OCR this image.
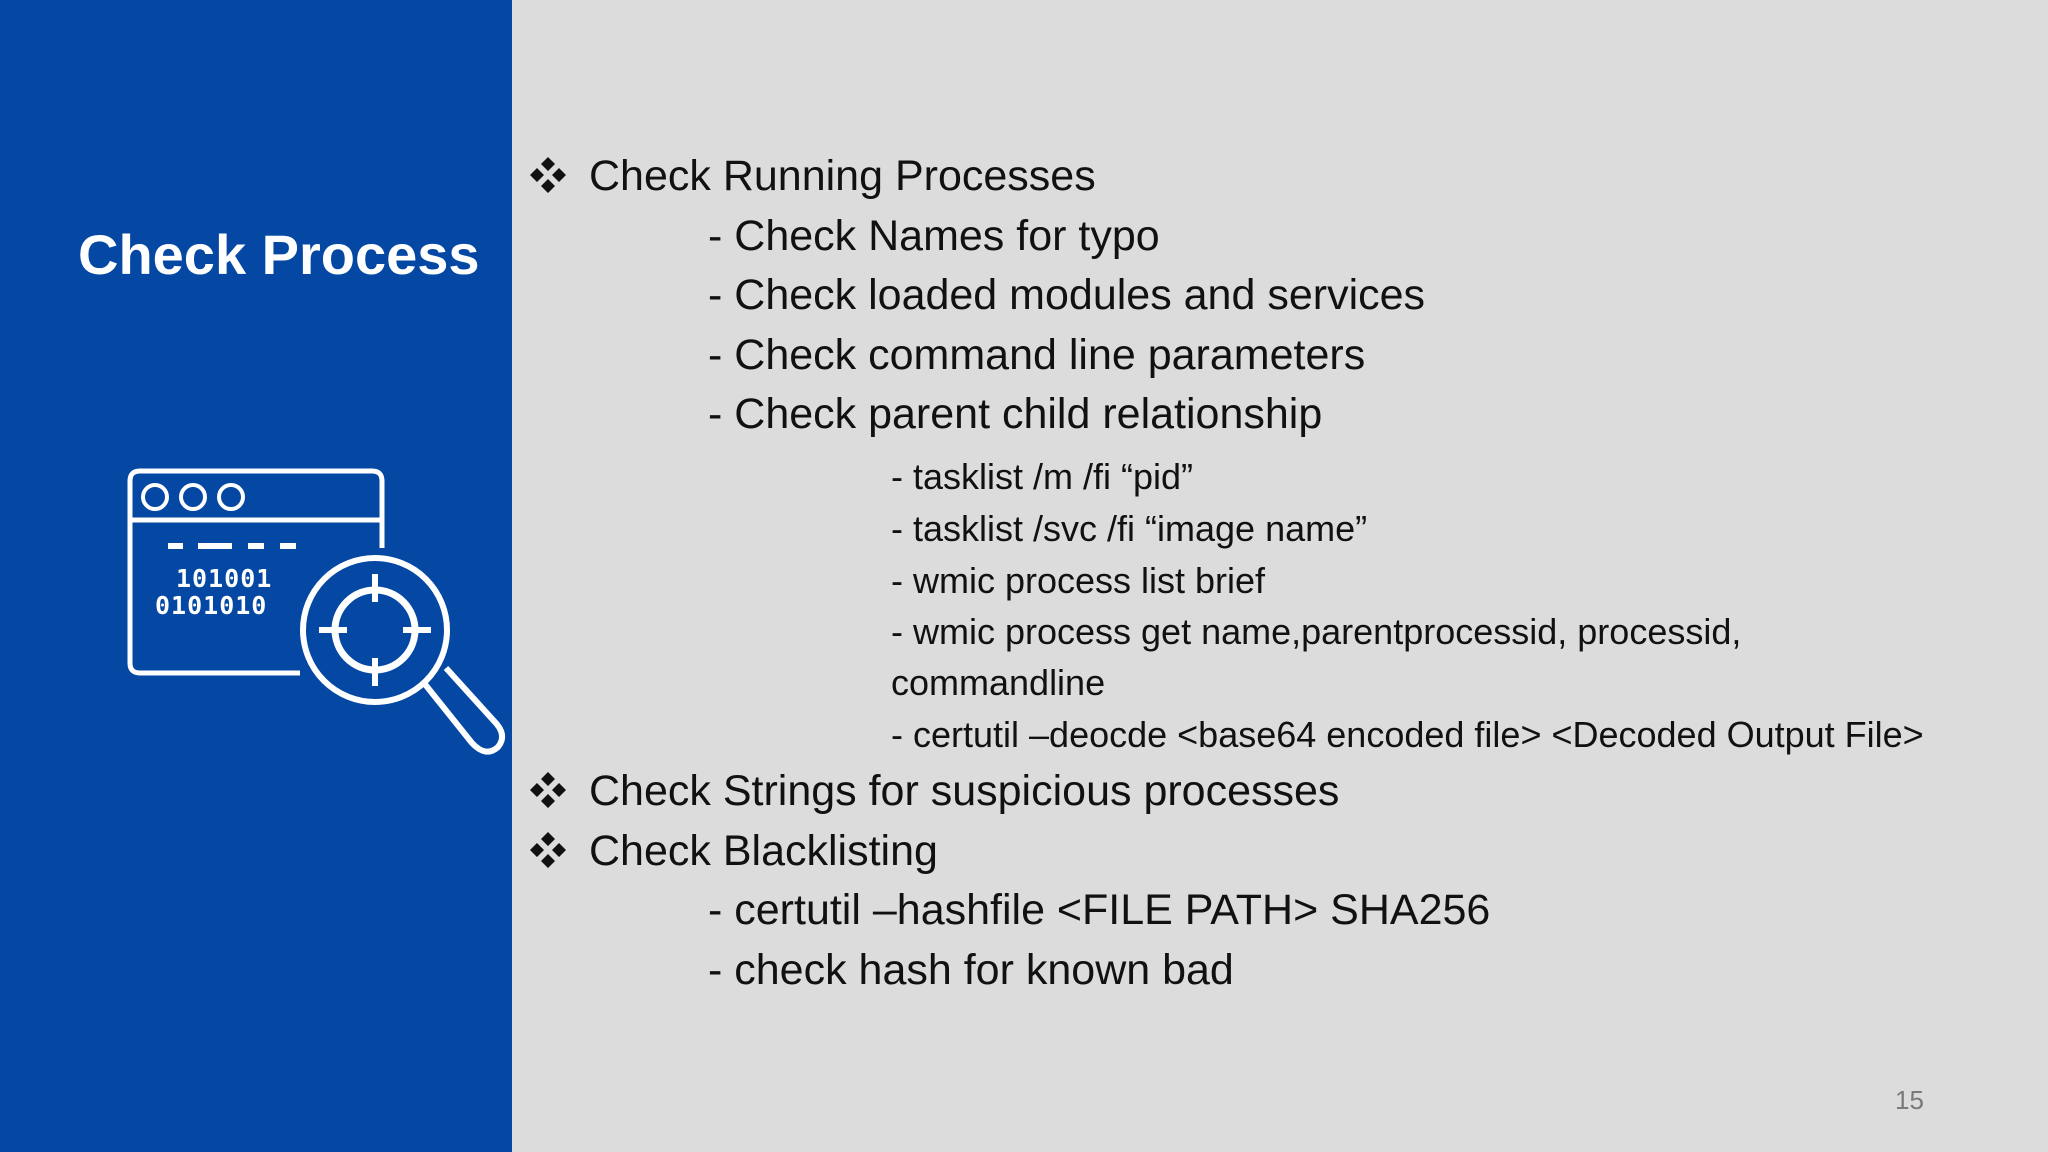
Check Process
101001
0101010
Check Running Processes
- Check Names for typo
- Check loaded modules and services
- Check command line parameters
- Check parent child relationship
- tasklist /m /fi “pid”
- tasklist /svc /fi “image name”
- wmic process list brief
- wmic process get name,parentprocessid, processid,
commandline
- certutil –deocde <base64 encoded file> <Decoded Output File>
Check Strings for suspicious processes
Check Blacklisting
- certutil –hashfile <FILE PATH> SHA256
- check hash for known bad
15
